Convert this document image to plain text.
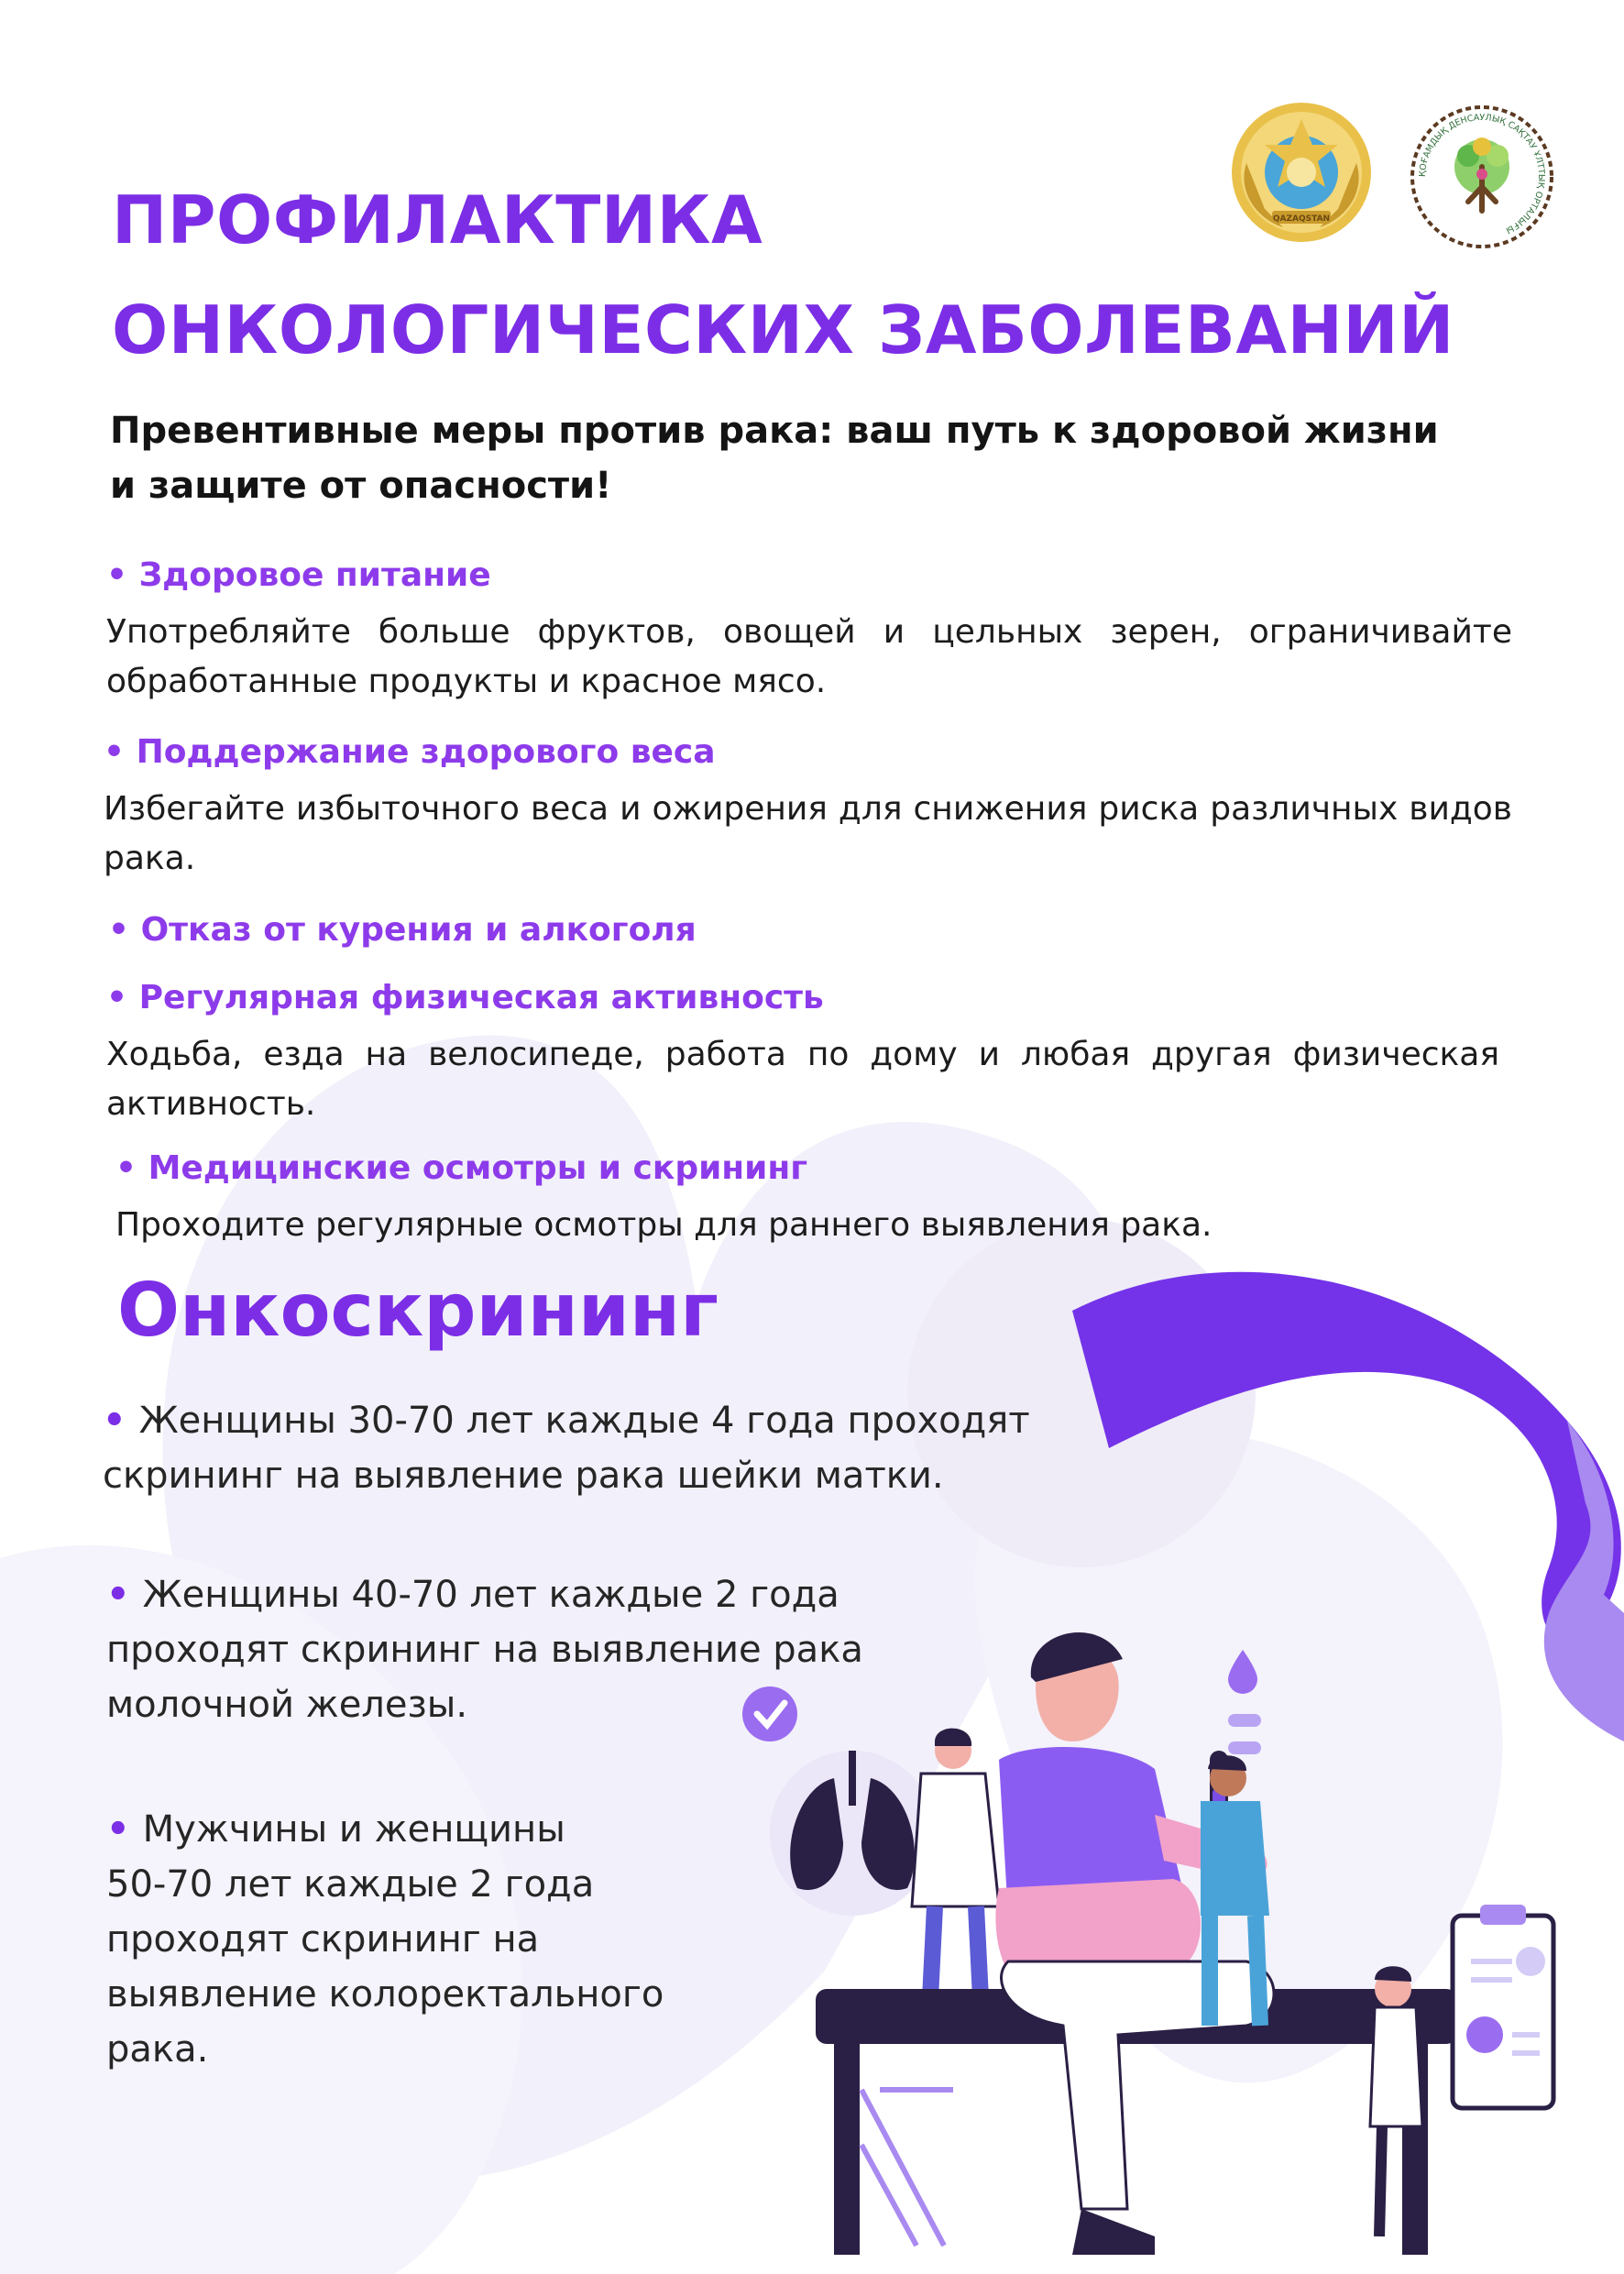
QAZAQSTAN
ҚОҒАМДЫҚ ДЕНСАУЛЫҚ САҚТАУ ҰЛТТЫҚ ОРТАЛЫҒЫ
ПРОФИЛАКТИКА
ОНКОЛОГИЧЕСКИХ ЗАБОЛЕВАНИЙ

Превентивные меры против рака: ваш путь к здоровой жизни и защите от опасности!

• Здоровое питание
Употребляйте больше фруктов, овощей и цельных зерен, ограничивайте обработанные продукты и красное мясо.
• Поддержание здорового веса
Избегайте избыточного веса и ожирения для снижения риска различных видов рака.
• Отказ от курения и алкоголя
• Регулярная физическая активность
Ходьба, езда на велосипеде, работа по дому и любая другая физическая активность.
• Медицинские осмотры и скрининг
Проходите регулярные осмотры для раннего выявления рака.
Онкоскрининг
• Женщины 30-70 лет каждые 4 года проходят
скрининг на выявление рака шейки матки.
• Женщины 40-70 лет каждые 2 года
проходят скрининг на выявление рака
молочной железы.
• Мужчины и женщины
50-70 лет каждые 2 года
проходят скрининг на
выявление колоректального
рака.
